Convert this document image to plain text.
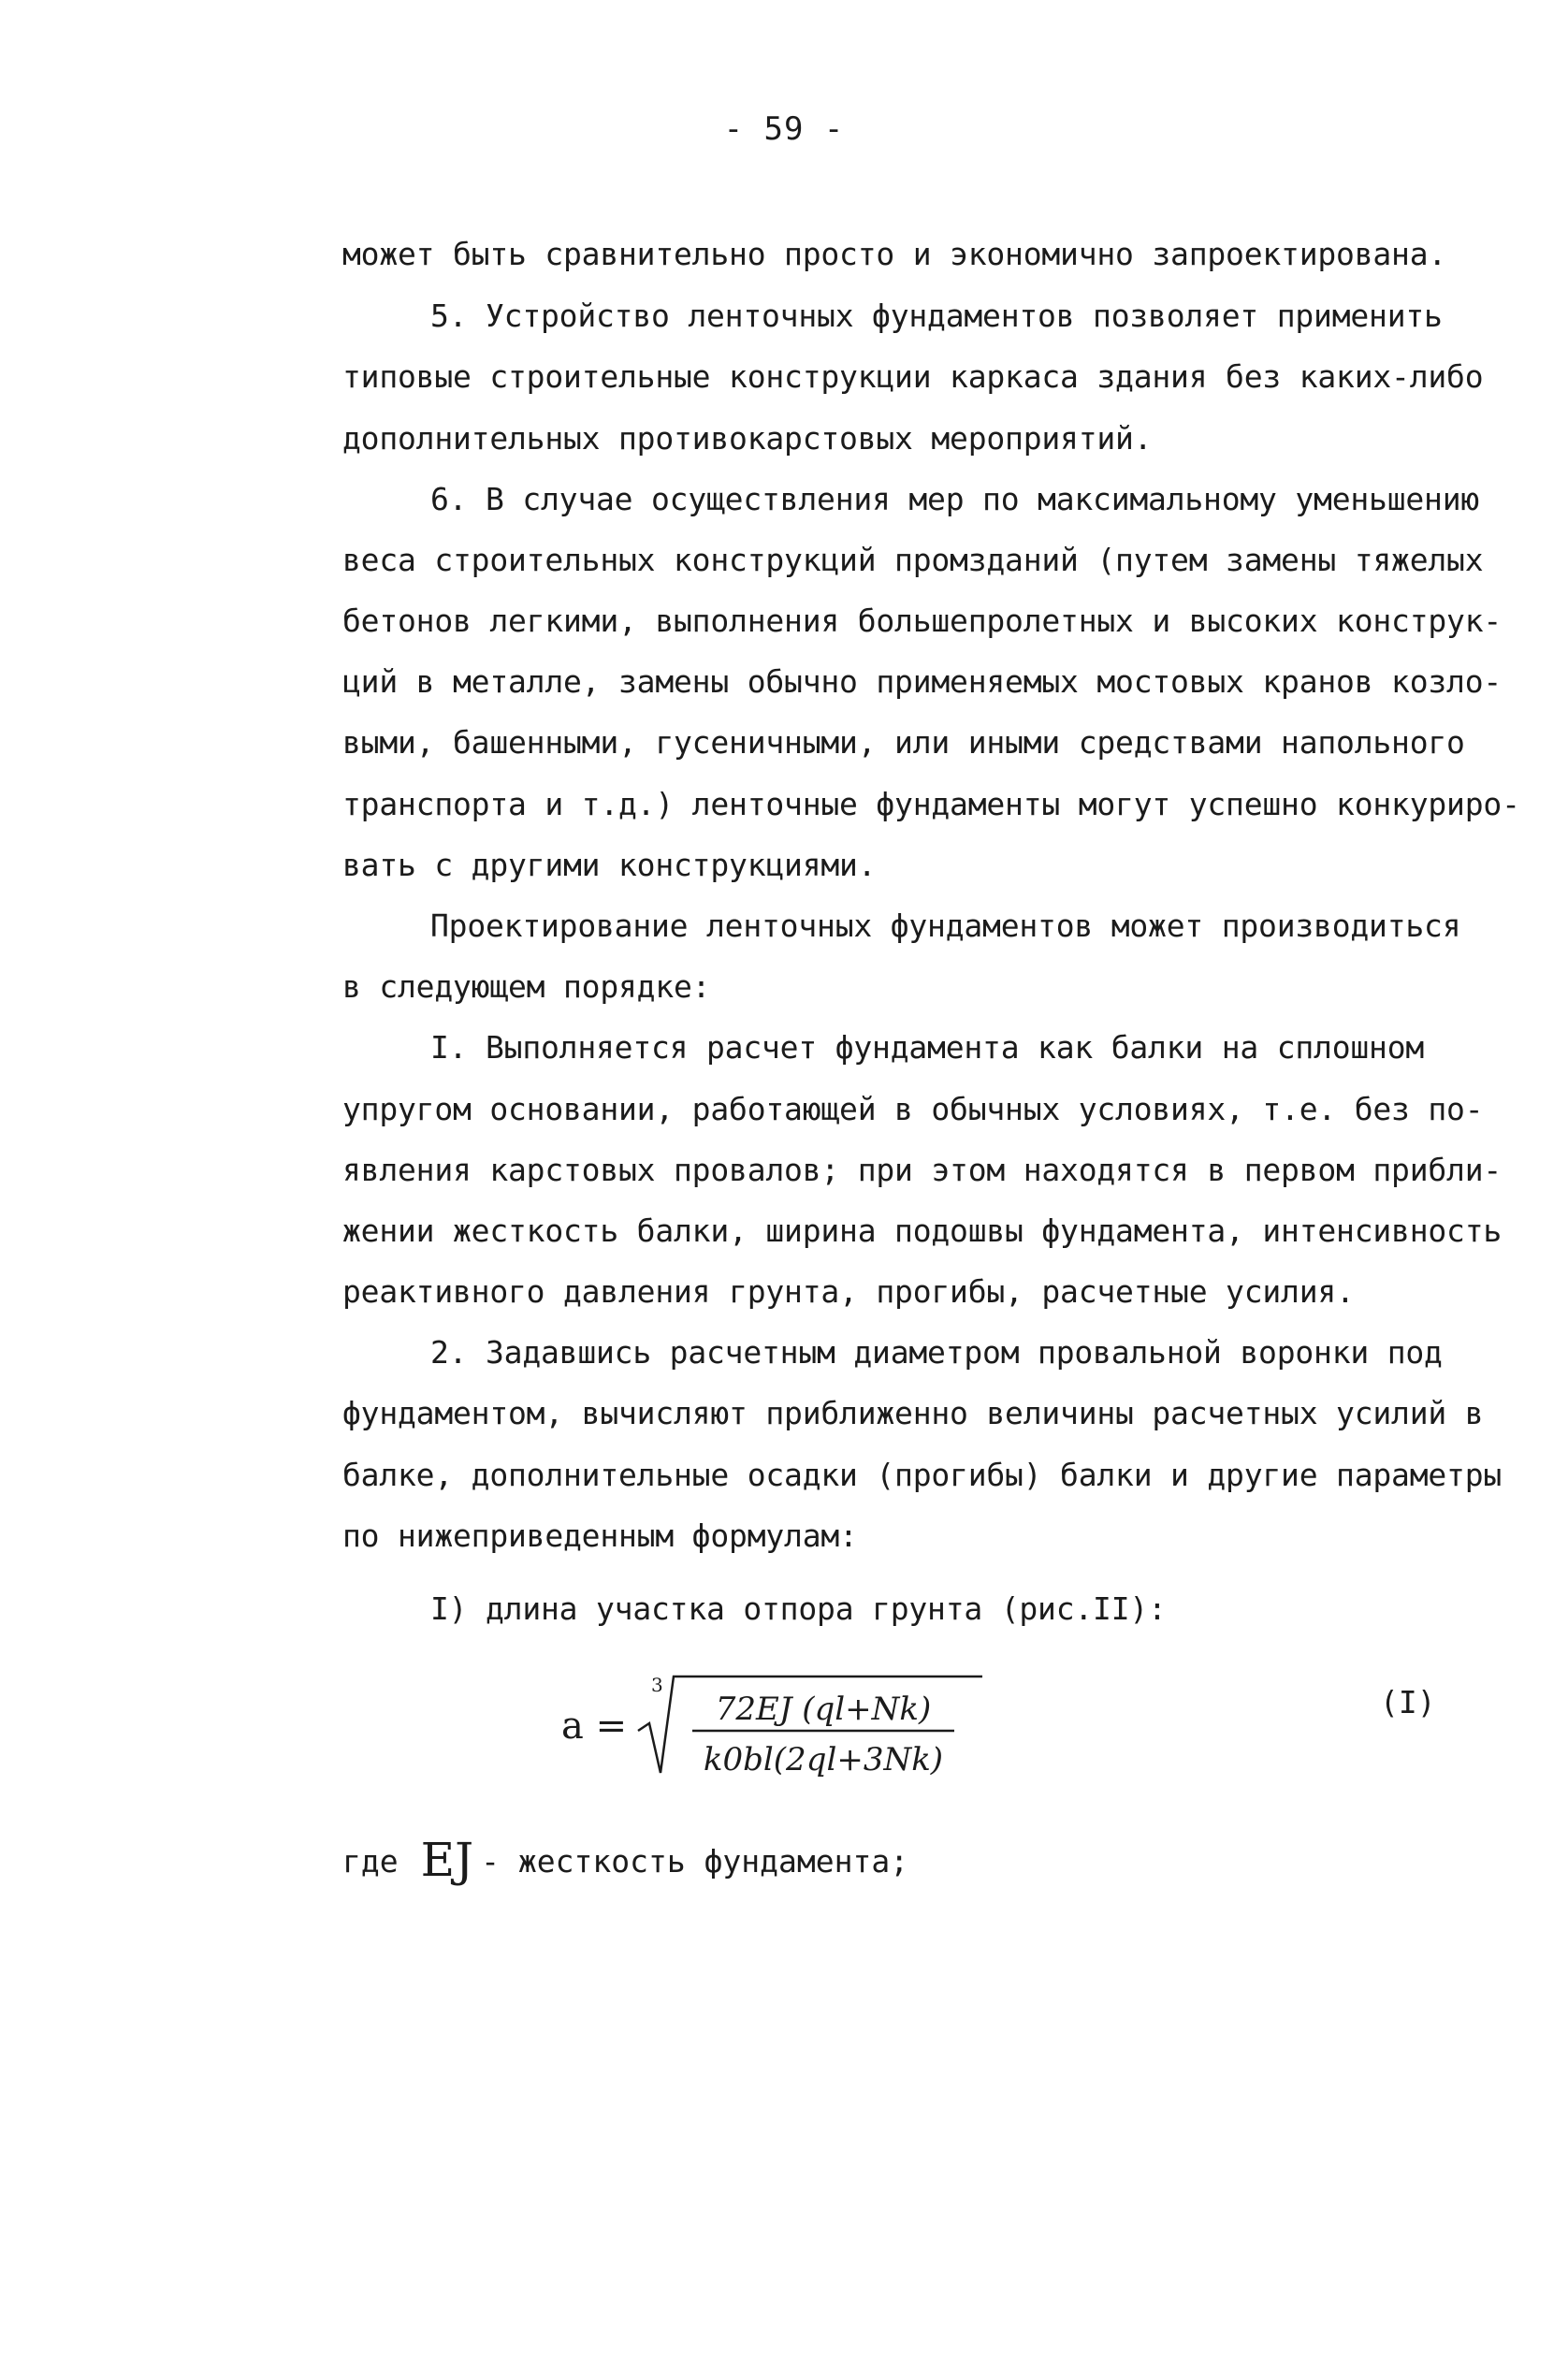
- 59 -
может быть сравнительно просто и экономично запроектирована.
5. Устройство ленточных фундаментов позволяет применить
типовые строительные конструкции каркаса здания без каких-либо
дополнительных противокарстовых мероприятий.
6. В случае осуществления мер по максимальному уменьшению
веса строительных конструкций промзданий (путем замены тяжелых
бетонов легкими, выполнения большепролетных и высоких конструк-
ций в металле, замены обычно применяемых мостовых кранов козло-
выми, башенными, гусеничными, или иными средствами напольного
транспорта и т.д.) ленточные фундаменты могут успешно конкуриро-
вать с другими конструкциями.
Проектирование ленточных фундаментов может производиться
в следующем порядке:
I. Выполняется расчет фундамента как балки на сплошном
упругом основании, работающей в обычных условиях, т.е. без по-
явления карстовых провалов; при этом находятся в первом прибли-
жении жесткость балки, ширина подошвы фундамента, интенсивность
реактивного давления грунта, прогибы, расчетные усилия.
2. Задавшись расчетным диаметром провальной воронки под
фундаментом, вычисляют приближенно величины расчетных усилий в
балке, дополнительные осадки (прогибы) балки и другие параметры
по нижеприведенным формулам:
I) длина участка отпора грунта (рис.II):
a =
3
72EJ (ql+Nk)
k0bl(2ql+3Nk)
(I)
где EJ - жесткость фундамента;
